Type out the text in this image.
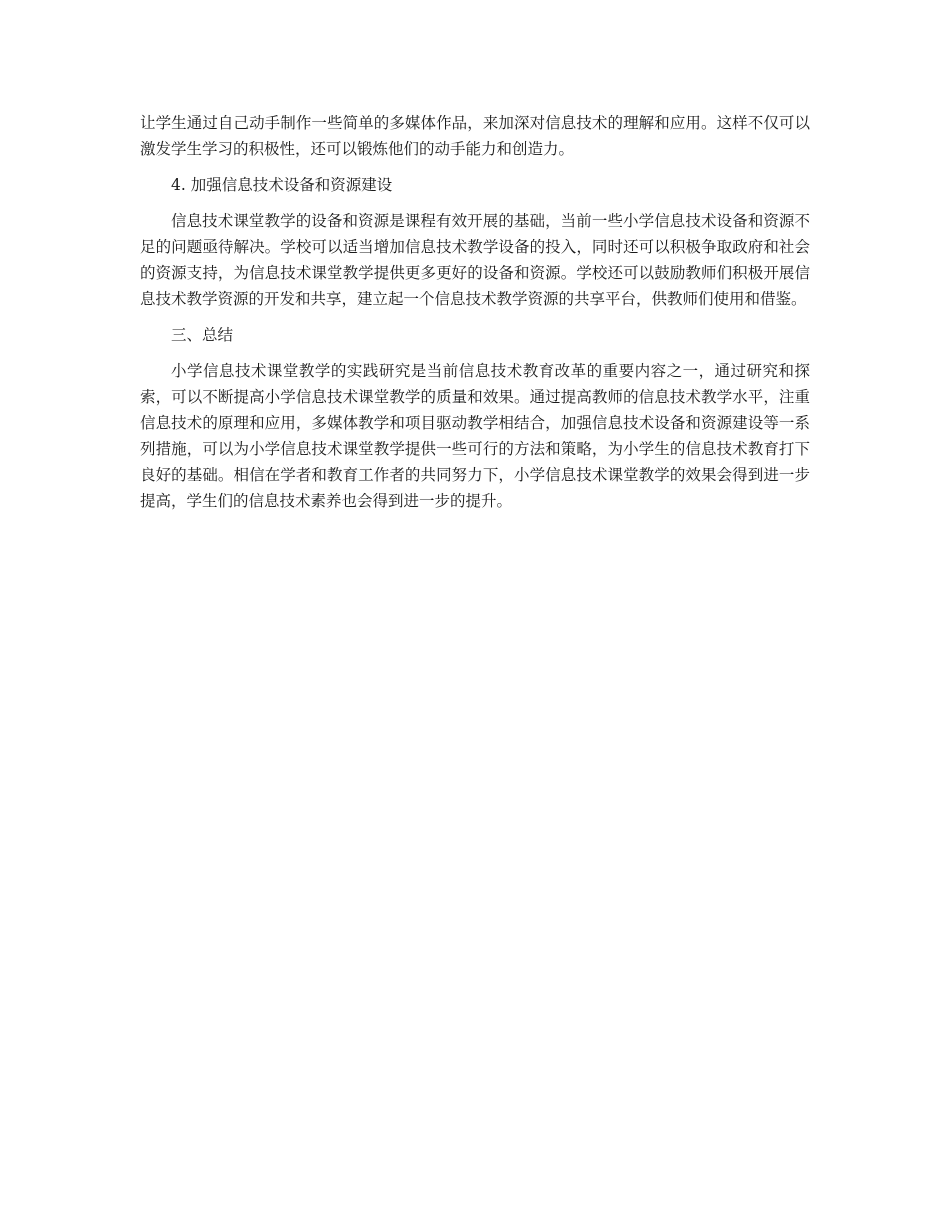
让学生通过自己动手制作一些简单的多媒体作品，来加深对信息技术的理解和应用。这样不仅可以激发学生学习的积极性，还可以锻炼他们的动手能力和创造力。

4. 加强信息技术设备和资源建设

信息技术课堂教学的设备和资源是课程有效开展的基础，当前一些小学信息技术设备和资源不足的问题亟待解决。学校可以适当增加信息技术教学设备的投入，同时还可以积极争取政府和社会的资源支持，为信息技术课堂教学提供更多更好的设备和资源。学校还可以鼓励教师们积极开展信息技术教学资源的开发和共享，建立起一个信息技术教学资源的共享平台，供教师们使用和借鉴。

三、总结

小学信息技术课堂教学的实践研究是当前信息技术教育改革的重要内容之一，通过研究和探索，可以不断提高小学信息技术课堂教学的质量和效果。通过提高教师的信息技术教学水平，注重信息技术的原理和应用，多媒体教学和项目驱动教学相结合，加强信息技术设备和资源建设等一系列措施，可以为小学信息技术课堂教学提供一些可行的方法和策略，为小学生的信息技术教育打下良好的基础。相信在学者和教育工作者的共同努力下，小学信息技术课堂教学的效果会得到进一步提高，学生们的信息技术素养也会得到进一步的提升。
